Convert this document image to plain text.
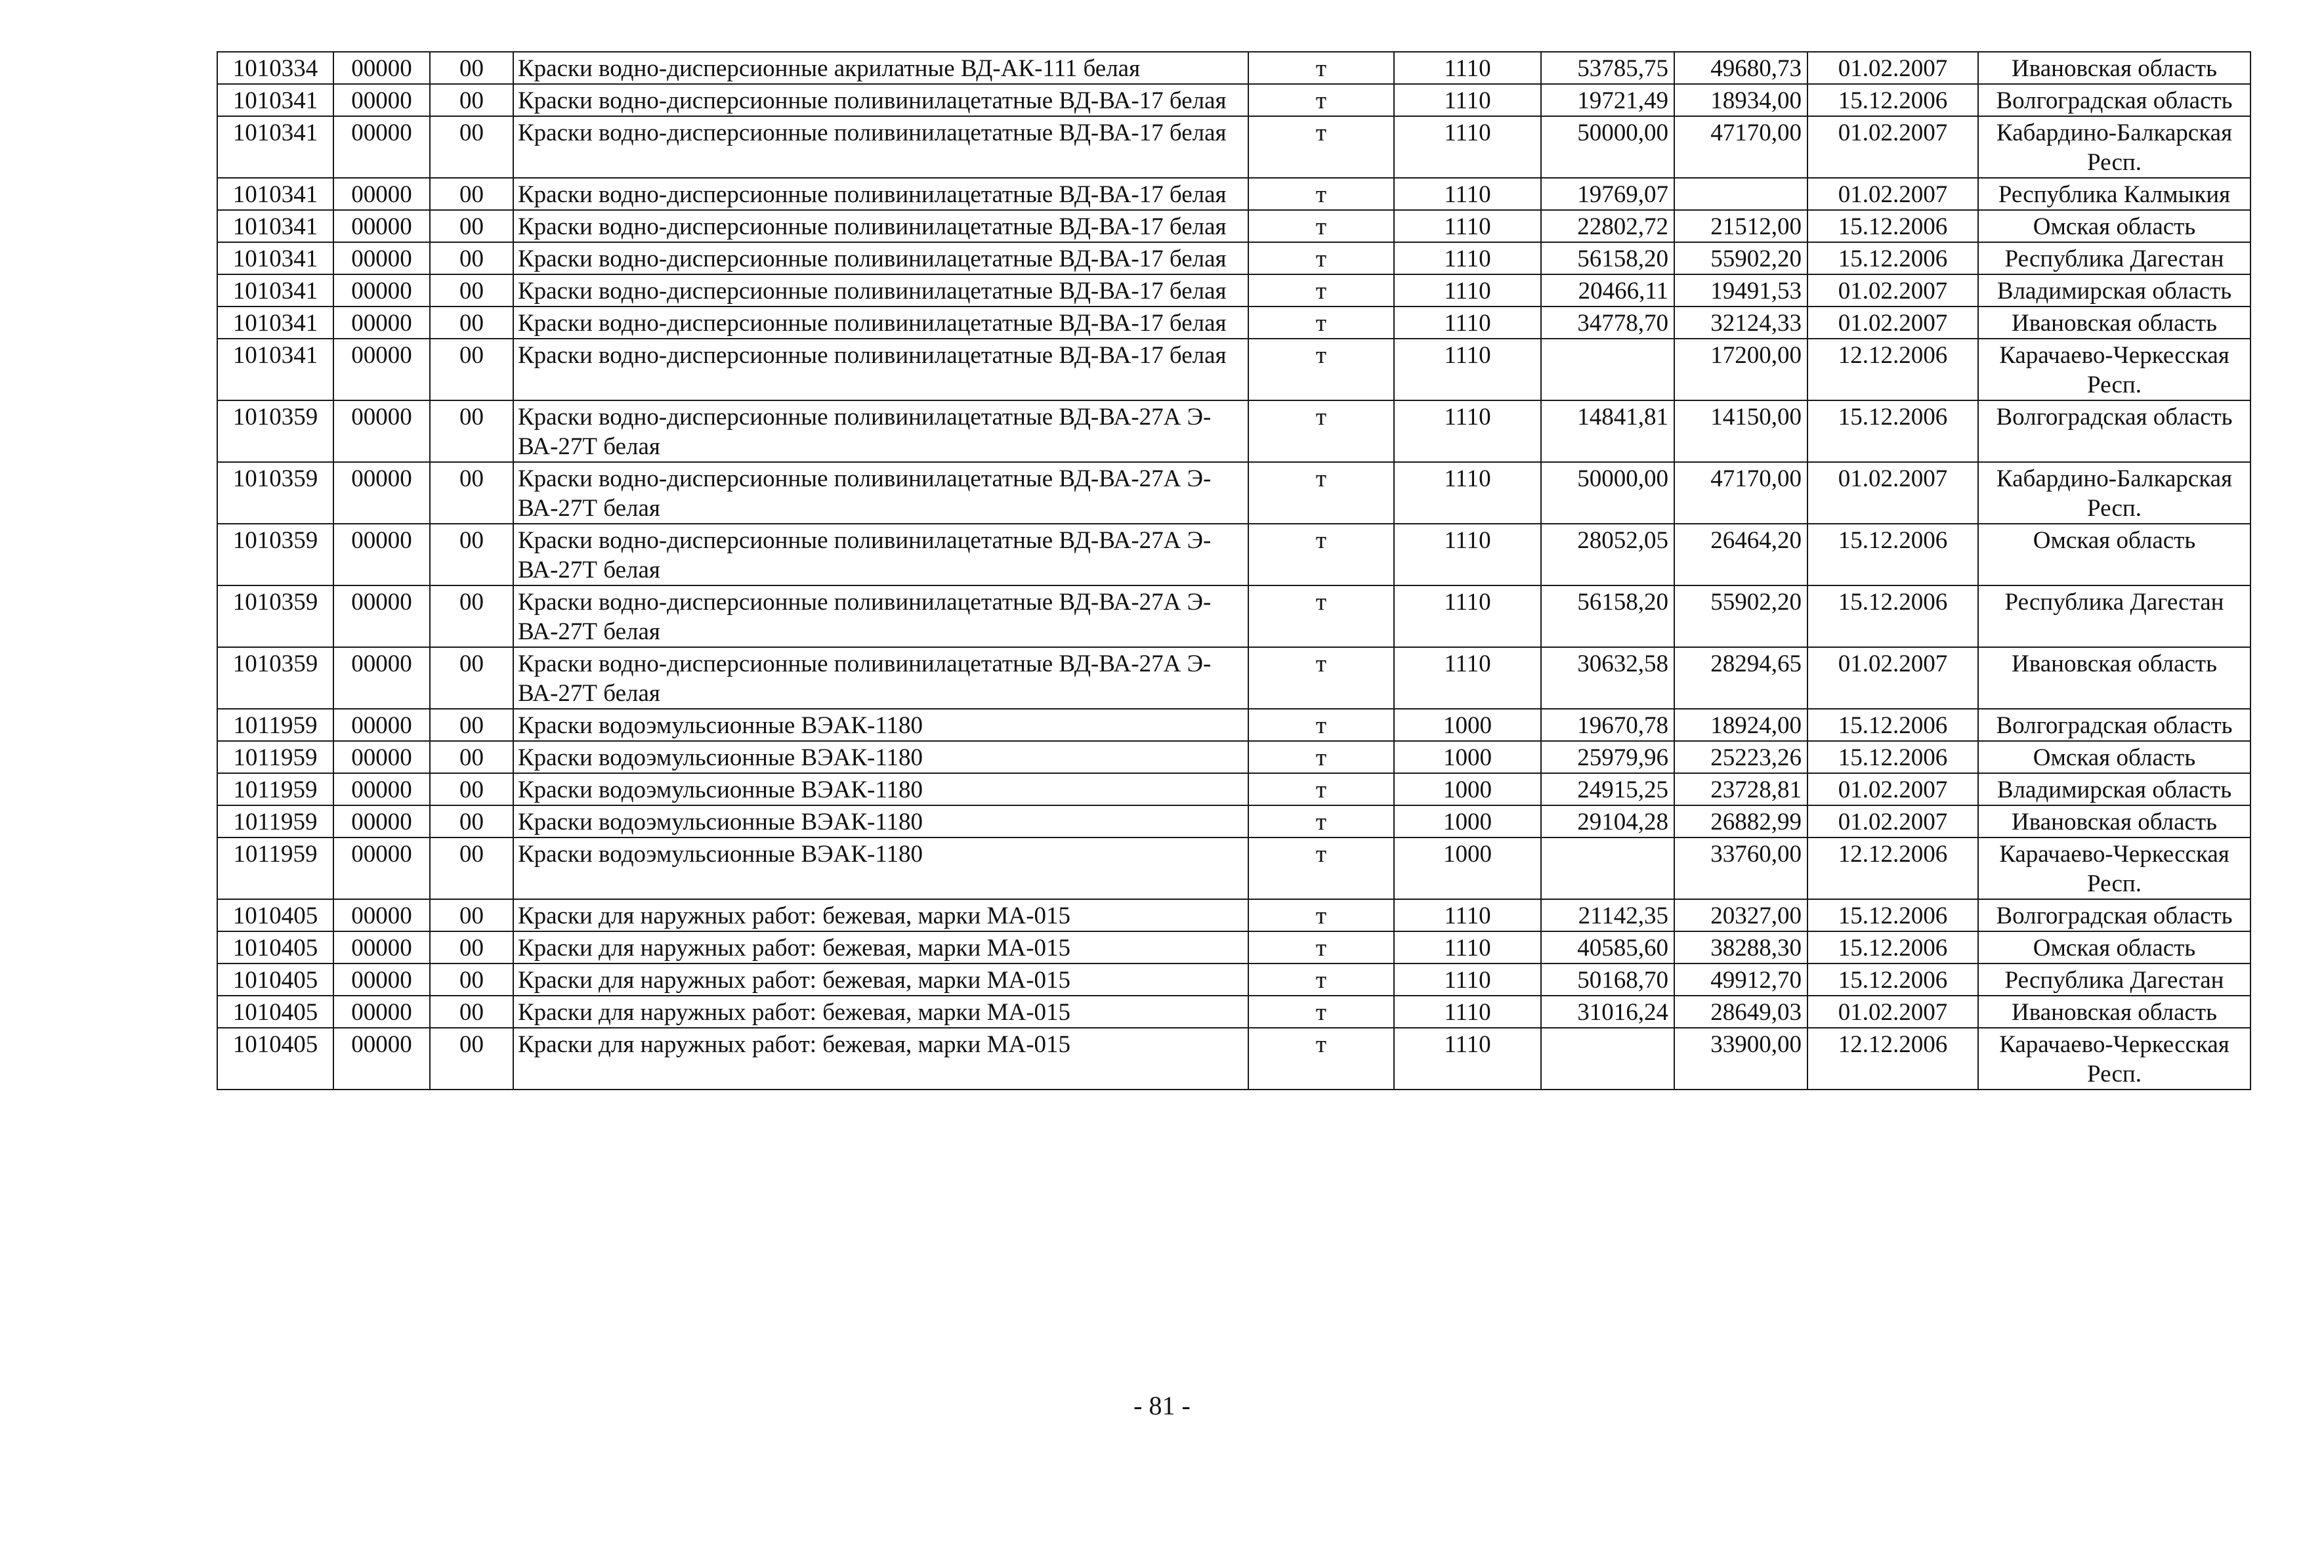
1010334	00000	00	Краски водно-дисперсионные акрилатные ВД-АК-111 белая	т	1110	53785,75	49680,73	01.02.2007	Ивановская область
1010341	00000	00	Краски водно-дисперсионные поливинилацетатные ВД-ВА-17 белая	т	1110	19721,49	18934,00	15.12.2006	Волгоградская область
1010341	00000	00	Краски водно-дисперсионные поливинилацетатные ВД-ВА-17 белая	т	1110	50000,00	47170,00	01.02.2007	Кабардино-Балкарская Респ.
1010341	00000	00	Краски водно-дисперсионные поливинилацетатные ВД-ВА-17 белая	т	1110	19769,07		01.02.2007	Республика Калмыкия
1010341	00000	00	Краски водно-дисперсионные поливинилацетатные ВД-ВА-17 белая	т	1110	22802,72	21512,00	15.12.2006	Омская область
1010341	00000	00	Краски водно-дисперсионные поливинилацетатные ВД-ВА-17 белая	т	1110	56158,20	55902,20	15.12.2006	Республика Дагестан
1010341	00000	00	Краски водно-дисперсионные поливинилацетатные ВД-ВА-17 белая	т	1110	20466,11	19491,53	01.02.2007	Владимирская область
1010341	00000	00	Краски водно-дисперсионные поливинилацетатные ВД-ВА-17 белая	т	1110	34778,70	32124,33	01.02.2007	Ивановская область
1010341	00000	00	Краски водно-дисперсионные поливинилацетатные ВД-ВА-17 белая	т	1110		17200,00	12.12.2006	Карачаево-Черкесская Респ.
1010359	00000	00	Краски водно-дисперсионные поливинилацетатные ВД-ВА-27А Э-ВА-27Т белая	т	1110	14841,81	14150,00	15.12.2006	Волгоградская область
1010359	00000	00	Краски водно-дисперсионные поливинилацетатные ВД-ВА-27А Э-ВА-27Т белая	т	1110	50000,00	47170,00	01.02.2007	Кабардино-Балкарская Респ.
1010359	00000	00	Краски водно-дисперсионные поливинилацетатные ВД-ВА-27А Э-ВА-27Т белая	т	1110	28052,05	26464,20	15.12.2006	Омская область
1010359	00000	00	Краски водно-дисперсионные поливинилацетатные ВД-ВА-27А Э-ВА-27Т белая	т	1110	56158,20	55902,20	15.12.2006	Республика Дагестан
1010359	00000	00	Краски водно-дисперсионные поливинилацетатные ВД-ВА-27А Э-ВА-27Т белая	т	1110	30632,58	28294,65	01.02.2007	Ивановская область
1011959	00000	00	Краски водоэмульсионные ВЭАК-1180	т	1000	19670,78	18924,00	15.12.2006	Волгоградская область
1011959	00000	00	Краски водоэмульсионные ВЭАК-1180	т	1000	25979,96	25223,26	15.12.2006	Омская область
1011959	00000	00	Краски водоэмульсионные ВЭАК-1180	т	1000	24915,25	23728,81	01.02.2007	Владимирская область
1011959	00000	00	Краски водоэмульсионные ВЭАК-1180	т	1000	29104,28	26882,99	01.02.2007	Ивановская область
1011959	00000	00	Краски водоэмульсионные ВЭАК-1180	т	1000		33760,00	12.12.2006	Карачаево-Черкесская Респ.
1010405	00000	00	Краски для наружных работ: бежевая, марки МА-015	т	1110	21142,35	20327,00	15.12.2006	Волгоградская область
1010405	00000	00	Краски для наружных работ: бежевая, марки МА-015	т	1110	40585,60	38288,30	15.12.2006	Омская область
1010405	00000	00	Краски для наружных работ: бежевая, марки МА-015	т	1110	50168,70	49912,70	15.12.2006	Республика Дагестан
1010405	00000	00	Краски для наружных работ: бежевая, марки МА-015	т	1110	31016,24	28649,03	01.02.2007	Ивановская область
1010405	00000	00	Краски для наружных работ: бежевая, марки МА-015	т	1110		33900,00	12.12.2006	Карачаево-Черкесская Респ.
- 81 -
